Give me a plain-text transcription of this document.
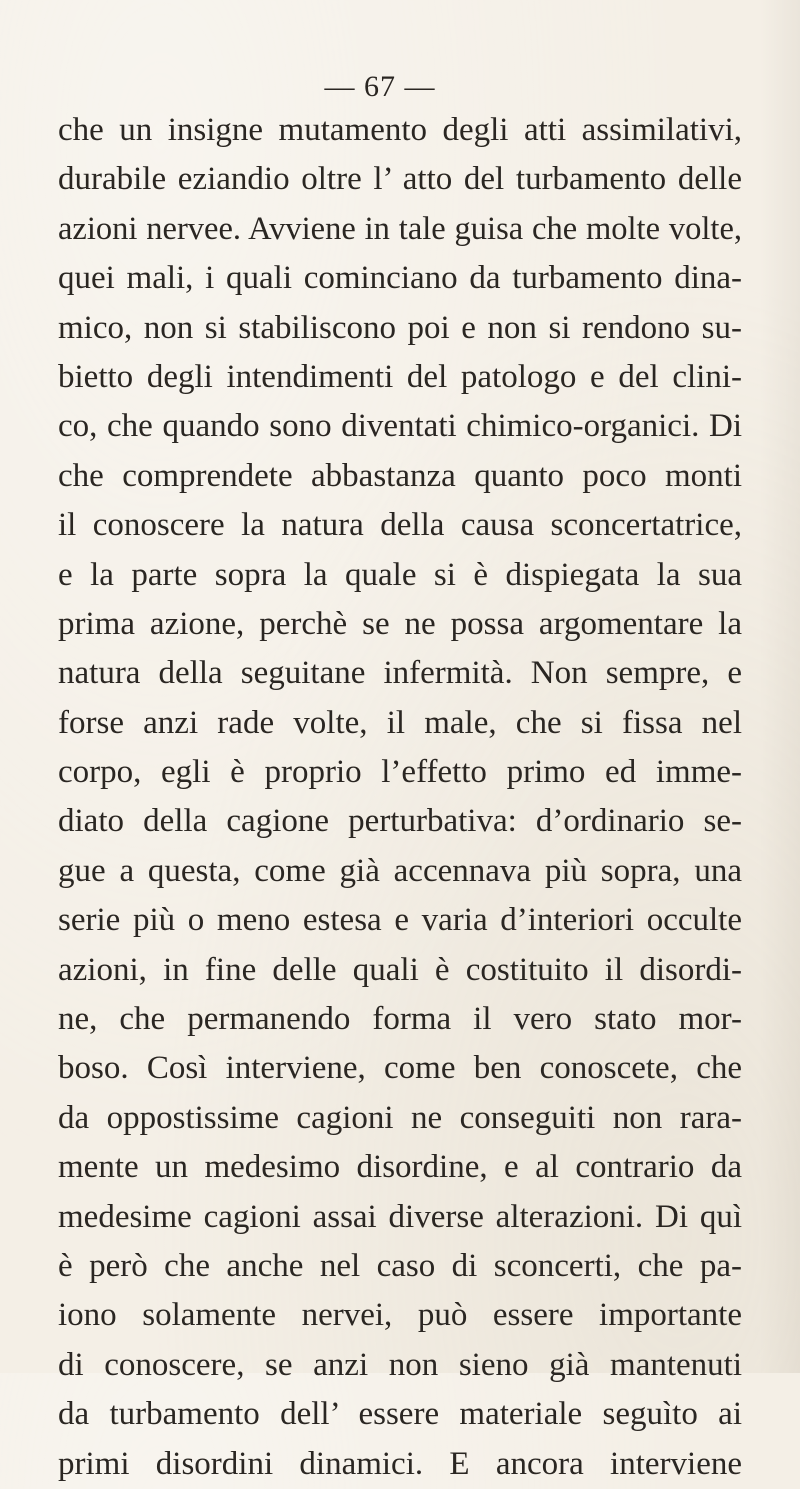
— 67 —
che un insigne mutamento degli atti assimilativi,
durabile eziandio oltre l’ atto del turbamento delle
azioni nervee. Avviene in tale guisa che molte volte,
quei mali, i quali cominciano da turbamento dina-
mico, non si stabiliscono poi e non si rendono su-
bietto degli intendimenti del patologo e del clini-
co, che quando sono diventati chimico-organici. Di
che comprendete abbastanza quanto poco monti
il conoscere la natura della causa sconcertatrice,
e la parte sopra la quale si è dispiegata la sua
prima azione, perchè se ne possa argomentare la
natura della seguitane infermità. Non sempre, e
forse anzi rade volte, il male, che si fissa nel
corpo, egli è proprio l’effetto primo ed imme-
diato della cagione perturbativa: d’ordinario se-
gue a questa, come già accennava più sopra, una
serie più o meno estesa e varia d’interiori occulte
azioni, in fine delle quali è costituito il disordi-
ne, che permanendo forma il vero stato mor-
boso. Così interviene, come ben conoscete, che
da oppostissime cagioni ne conseguiti non rara-
mente un medesimo disordine, e al contrario da
medesime cagioni assai diverse alterazioni. Di quì
è però che anche nel caso di sconcerti, che pa-
iono solamente nervei, può essere importante
di conoscere, se anzi non sieno già mantenuti
da turbamento dell’ essere materiale seguìto ai
primi disordini dinamici. E ancora interviene
